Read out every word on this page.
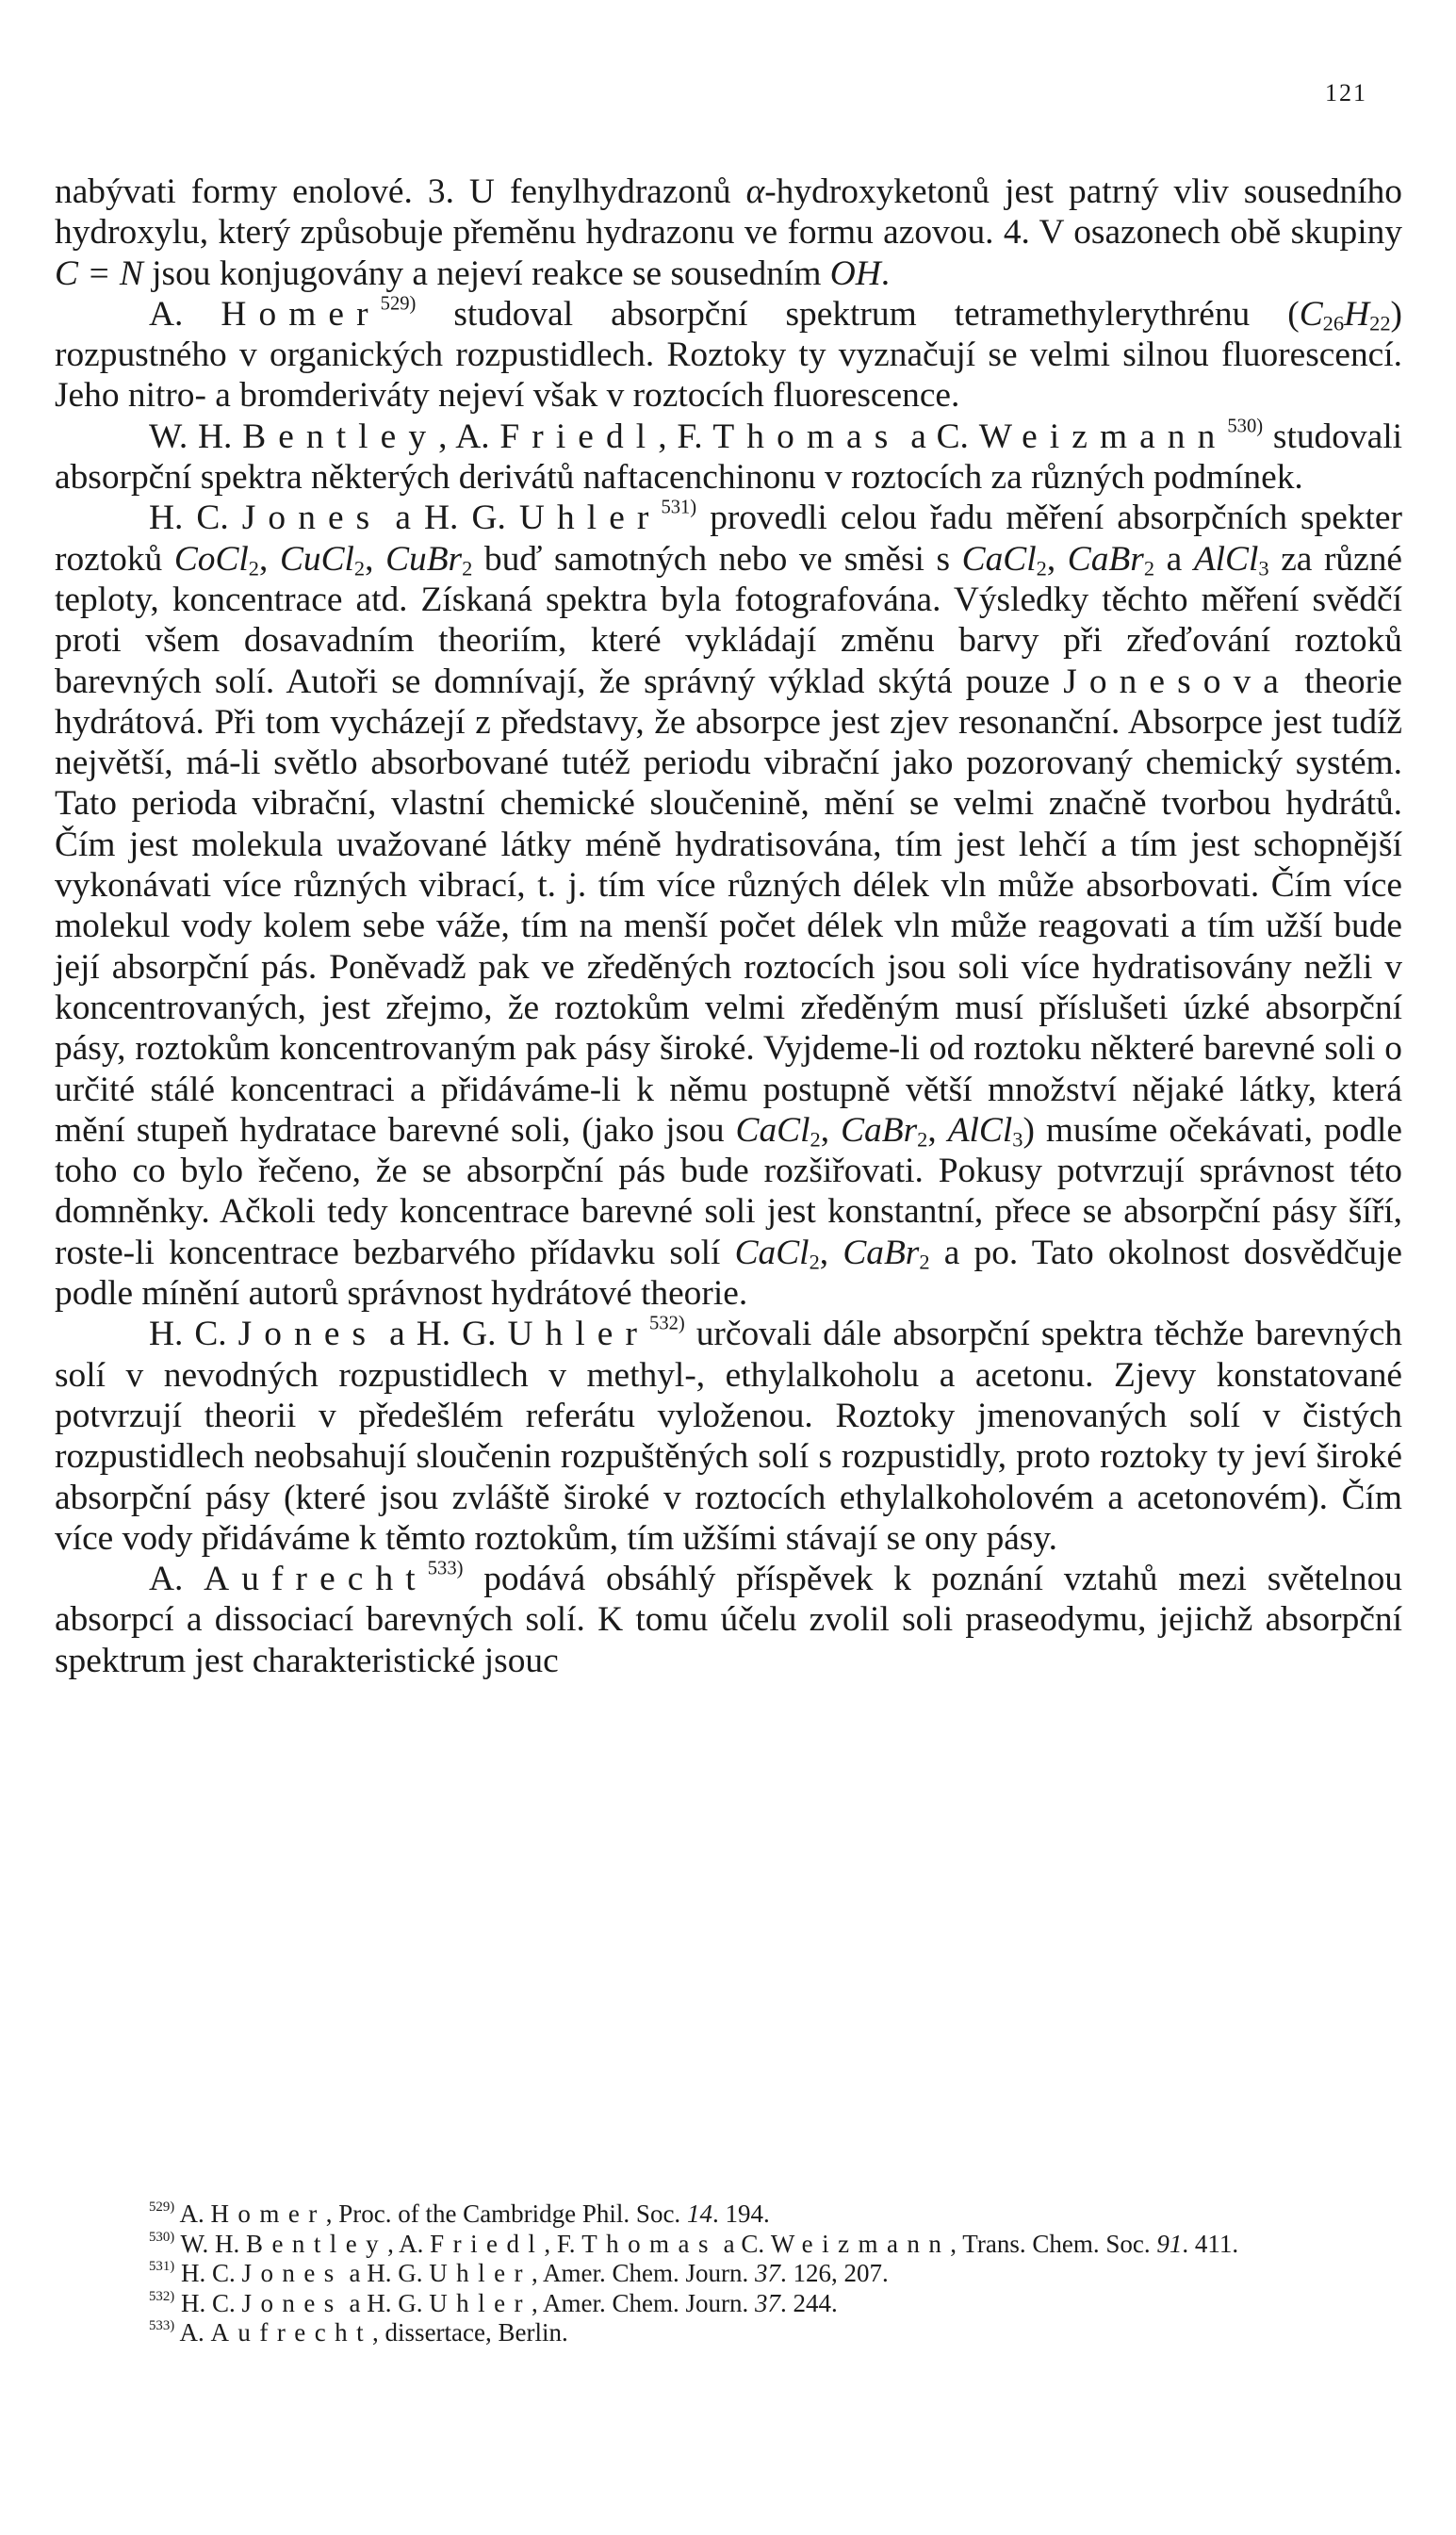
121

nabývati formy enolové. 3. U fenylhydrazonů α-hydroxyketonů jest patrný vliv sousedního hydroxylu, který způsobuje přeměnu hydrazonu ve formu azovou. 4. V osazonech obě skupiny C = N jsou konjugovány a nejeví reakce se sousedním OH.

A. Homer$^{529)}$ studoval absorpční spektrum tetramethylerythrénu $(C_{26}H_{22})$ rozpustného v organických rozpustidlech. Roztoky ty vyznačují se velmi silnou fluorescencí. Jeho nitro- a bromderiváty nejeví však v roztocích fluorescence.

W. H. Bentley, A. Friedl, F. Thomas a C. Weizmann$^{530)}$ studovali absorpční spektra některých derivátů naftacenchinonu v roztocích za různých podmínek.

H. C. Jones a H. G. Uhler$^{531)}$ provedli celou řadu měření absorpčních spekter roztoků CoCl$_2$, CuCl$_2$, CuBr$_2$ buď samotných nebo ve směsi s CaCl$_2$, CaBr$_2$ a AlCl$_3$ za různé teploty, koncentrace atd. Získaná spektra byla fotografována. Výsledky těchto měření svědčí proti všem dosavadním theoriím, které vykládají změnu barvy při zřeďování roztoků barevných solí. Autoři se domnívají, že správný výklad skýtá pouze Jonesova theorie hydrátová. Při tom vycházejí z představy, že absorpce jest zjev resonanční. Absorpce jest tudíž největší, má-li světlo absorbované tutéž periodu vibrační jako pozorovaný chemický systém. Tato perioda vibrační, vlastní chemické sloučenině, mění se velmi značně tvorbou hydrátů. Čím jest molekula uvažované látky méně hydratisována, tím jest lehčí a tím jest schopnější vykonávati více různých vibrací, t. j. tím více různých délek vln může absorbovati. Čím více molekul vody kolem sebe váže, tím na menší počet délek vln může reagovati a tím užší bude její absorpční pás. Poněvadž pak ve zředěných roztocích jsou soli více hydratisovány nežli v koncentrovaných, jest zřejmo, že roztokům velmi zředěným musí příslušeti úzké absorpční pásy, roztokům koncentrovaným pak pásy široké. Vyjdeme-li od roztoku některé barevné soli o určité stálé koncentraci a přidáváme-li k němu postupně větší množství nějaké látky, která mění stupeň hydratace barevné soli, (jako jsou CaCl$_2$, CaBr$_2$, AlCl$_3$) musíme očekávati, podle toho co bylo řečeno, že se absorpční pás bude rozšiřovati. Pokusy potvrzují správnost této domněnky. Ačkoli tedy koncentrace barevné soli jest konstantní, přece se absorpční pásy šíří, roste-li koncentrace bezbarvého přídavku solí CaCl$_2$, CaBr$_2$ a po. Tato okolnost dosvědčuje podle mínění autorů správnost hydrátové theorie.

H. C. Jones a H. G. Uhler$^{532)}$ určovali dále absorpční spektra těchže barevných solí v nevodných rozpustidlech v methyl-, ethylalkoholu a acetonu. Zjevy konstatované potvrzují theorii v předešlém referátu vyloženou. Roztoky jmenovaných solí v čistých rozpustidlech neobsahují sloučenin rozpuštěných solí s rozpustidly, proto roztoky ty jeví široké absorpční pásy (které jsou zvláště široké v roztocích ethylalkoholovém a acetonovém). Čím více vody přidáváme k těmto roztokům, tím užšími stávají se ony pásy.

A. Aufrecht$^{533)}$ podává obsáhlý příspěvek k poznání vztahů mezi světelnou absorpcí a dissociací barevných solí. K tomu účelu zvolil soli praseodymu, jejichž absorpční spektrum jest charakteristické jsouc

$^{529)}$ A. Homer, Proc. of the Cambridge Phil. Soc. 14. 194.

$^{530)}$ W. H. Bentley, A. Friedl, F. Thomas a C. Weizmann, Trans. Chem. Soc. 91. 411.

$^{531)}$ H. C. Jones a H. G. Uhler, Amer. Chem. Journ. 37. 126, 207.

$^{532)}$ H. C. Jones a H. G. Uhler, Amer. Chem. Journ. 37. 244.

$^{533)}$ A. Aufrecht, dissertace, Berlin.
